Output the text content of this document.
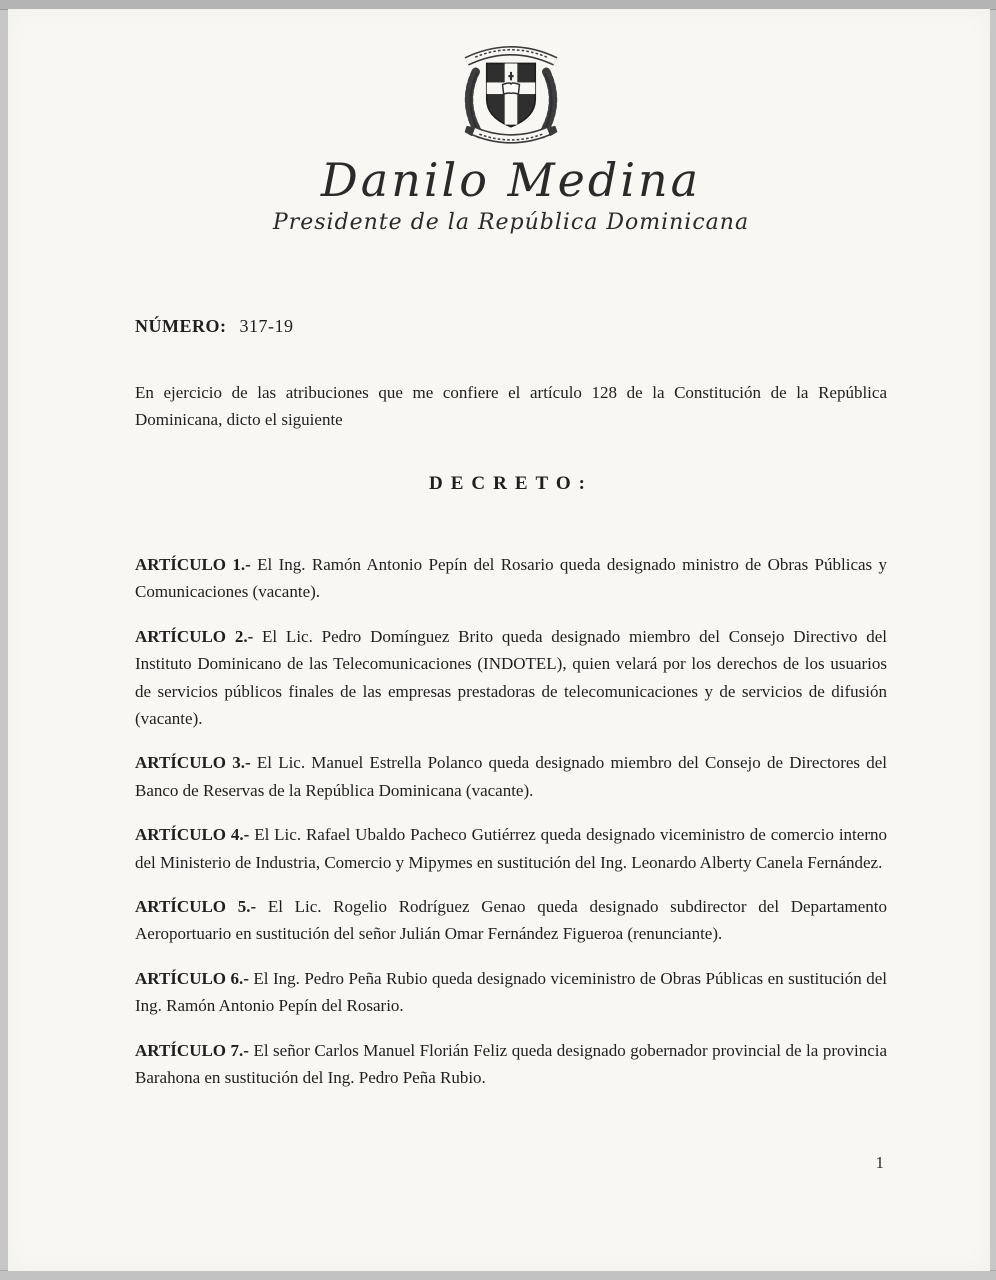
Danilo Medina
Presidente de la República Dominicana
NÚMERO: 317-19
En ejercicio de las atribuciones que me confiere el artículo 128 de la Constitución de la República Dominicana, dicto el siguiente
DECRETO:

ARTÍCULO 1.- El Ing. Ramón Antonio Pepín del Rosario queda designado ministro de Obras Públicas y Comunicaciones (vacante).

ARTÍCULO 2.- El Lic. Pedro Domínguez Brito queda designado miembro del Consejo Directivo del Instituto Dominicano de las Telecomunicaciones (INDOTEL), quien velará por los derechos de los usuarios de servicios públicos finales de las empresas prestadoras de telecomunicaciones y de servicios de difusión (vacante).

ARTÍCULO 3.- El Lic. Manuel Estrella Polanco queda designado miembro del Consejo de Directores del Banco de Reservas de la República Dominicana (vacante).

ARTÍCULO 4.- El Lic. Rafael Ubaldo Pacheco Gutiérrez queda designado viceministro de comercio interno del Ministerio de Industria, Comercio y Mipymes en sustitución del Ing. Leonardo Alberty Canela Fernández.

ARTÍCULO 5.- El Lic. Rogelio Rodríguez Genao queda designado subdirector del Departamento Aeroportuario en sustitución del señor Julián Omar Fernández Figueroa (renunciante).

ARTÍCULO 6.- El Ing. Pedro Peña Rubio queda designado viceministro de Obras Públicas en sustitución del Ing. Ramón Antonio Pepín del Rosario.

ARTÍCULO 7.- El señor Carlos Manuel Florián Feliz queda designado gobernador provincial de la provincia Barahona en sustitución del Ing. Pedro Peña Rubio.

1
